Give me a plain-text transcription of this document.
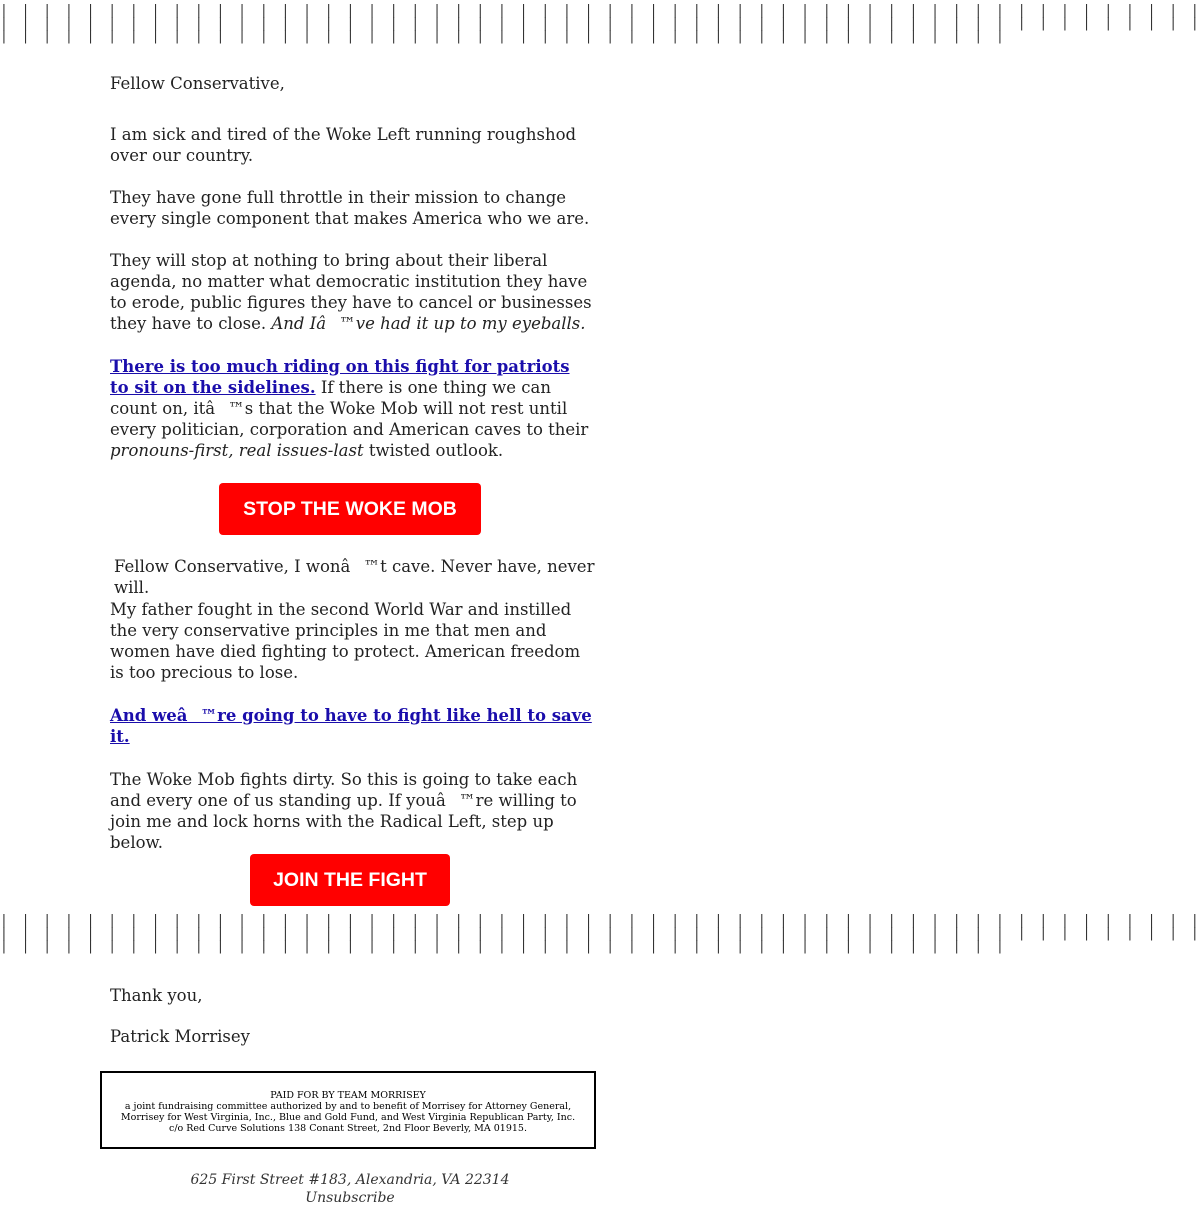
| | | | | | | | | | | | | | | | | | | | | | | | | | | | | | | | | | | | | | | | | | | | | | | | | | | | | | | |
| | | | | | | | | | | | | | | | | | | | | | | | | | | | | | | | | | | | | | | | | | | | | | | | | | | | | | | |
| | | | | | | | | | | | | | | | | | | | | | | | | | | | | | | | | | | | | | | | | | | | | | |

Fellow Conservative,

I am sick and tired of the Woke Left running roughshod over our country.

They have gone full throttle in their mission to change every single component that makes America who we are.

They will stop at nothing to bring about their liberal agenda, no matter what democratic institution they have to erode, public figures they have to cancel or businesses they have to close. And Iâ™ve had it up to my eyeballs.

There is too much riding on this fight for patriots to sit on the sidelines. If there is one thing we can count on, itâ™s that the Woke Mob will not rest until every politician, corporation and American caves to their pronouns-first, real issues-last twisted outlook.

STOP THE WOKE MOB

Fellow Conservative, I wonâ™t cave. Never have, never will.

My father fought in the second World War and instilled the very conservative principles in me that men and women have died fighting to protect. American freedom is too precious to lose.

And weâ™re going to have to fight like hell to save it.

The Woke Mob fights dirty. So this is going to take each and every one of us standing up. If youâ™re willing to join me and lock horns with the Radical Left, step up below.

JOIN THE FIGHT
| | | | | | | | | | | | | | | | | | | | | | | | | | | | | | | | | | | | | | | | | | | | | | | | | | | | | | | |
| | | | | | | | | | | | | | | | | | | | | | | | | | | | | | | | | | | | | | | | | | | | | | | | | | | | | | | |
| | | | | | | | | | | | | | | | | | | | | | | | | | | | | | | | | | | | | | | | | | | | | | |

Thank you,

Patrick Morrisey

PAID FOR BY TEAM MORRISEY
a joint fundraising committee authorized by and to benefit of Morrisey for Attorney General,
Morrisey for West Virginia, Inc., Blue and Gold Fund, and West Virginia Republican Party, Inc.
c/o Red Curve Solutions 138 Conant Street, 2nd Floor Beverly, MA 01915.
625 First Street #183, Alexandria, VA 22314
Unsubscribe
